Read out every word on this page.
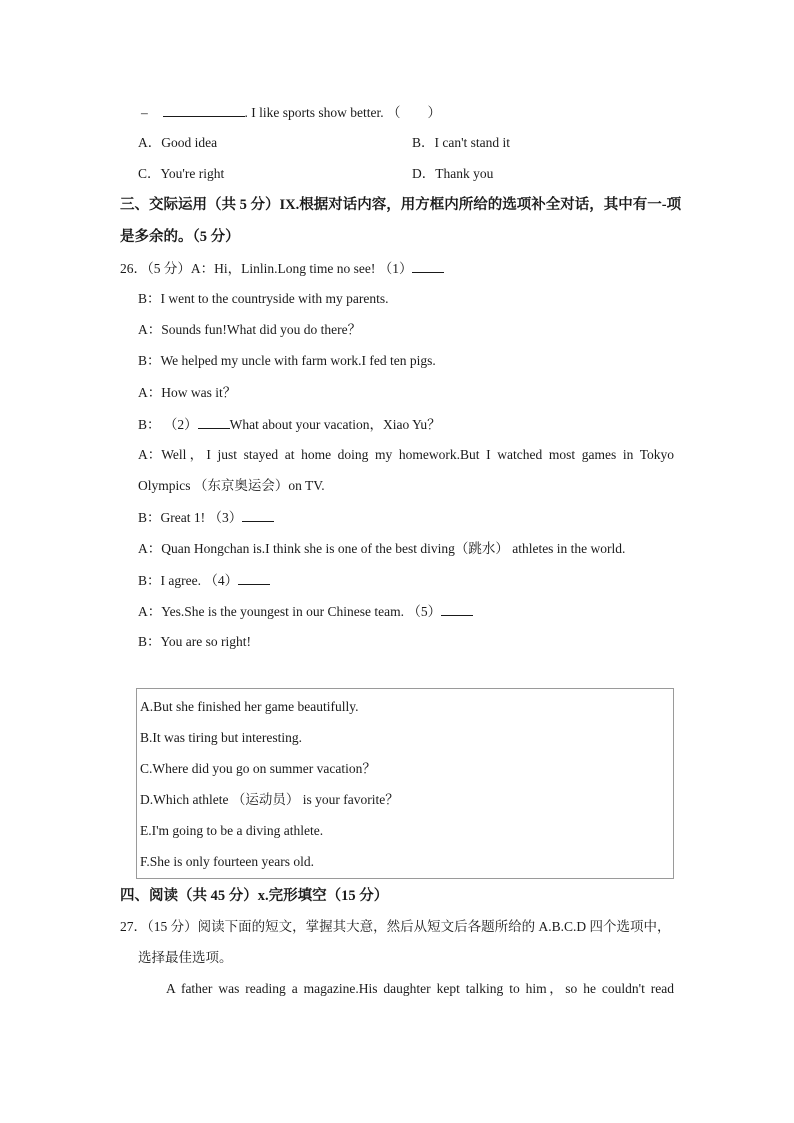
–	. I like sports show better. （　　）
A．Good idea	B．I can't stand it
C．You're right	D．Thank you
三、交际运用（共 5 分）IX.根据对话内容，用方框内所给的选项补全对话，其中有一-项
是多余的。（5 分）
26．（5 分）A：Hi，Linlin.Long time no see! （1）
B：I went to the countryside with my parents.
A：Sounds fun!What did you do there？
B：We helped my uncle with farm work.I fed ten pigs.
A：How was it？
B： （2） What about your vacation，Xiao Yu？
A： Well，I just stayed at home doing my homework.But I watched most games in Tokyo
Olympics （东京奥运会）on TV.
B：Great 1! （3）
A：Quan Hongchan is.I think she is one of the best diving（跳水） athletes in the world.
B：I agree. （4）
A：Yes.She is the youngest in our Chinese team. （5）
B：You are so right!
A.But she finished her game beautifully.
B.It was tiring but interesting.
C.Where did you go on summer vacation？
D.Which athlete （运动员） is your favorite？
E.I'm going to be a diving athlete.
F.She is only fourteen years old.
四、阅读（共 45 分）x.完形填空（15 分）
27．（15 分）阅读下面的短文，掌握其大意，然后从短文后各题所给的 A.B.C.D 四个选项中，
选择最佳选项。
A father was reading a magazine.His daughter kept talking to him，so he couldn't read
